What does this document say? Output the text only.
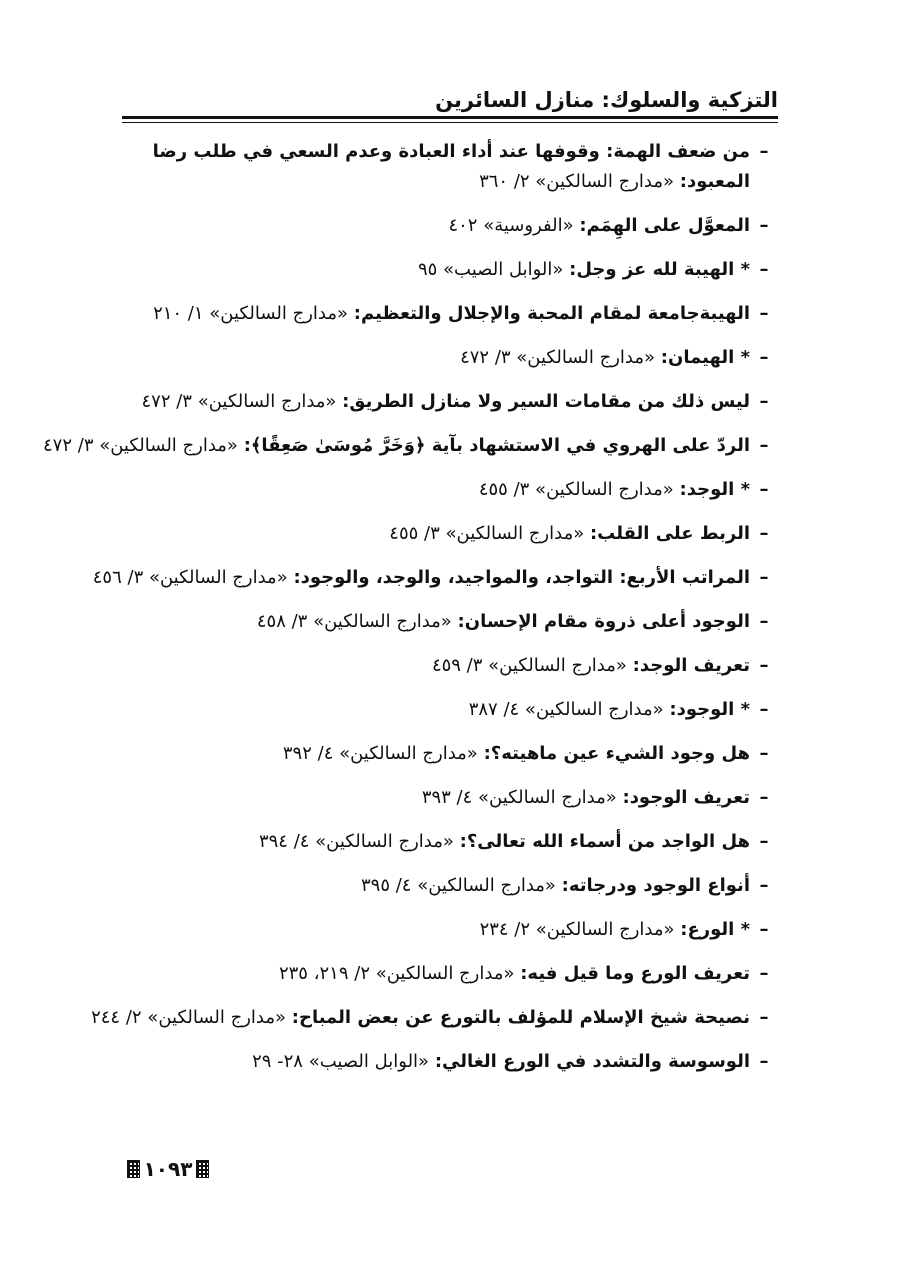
التزكية والسلوك: منازل السائرين
–
من ضعف الهمة: وقوفها عند أداء العبادة وعدم السعي في طلب رضا المعبود: «مدارج السالكين» ٢/ ٣٦٠
–
المعوَّل على الهِمَم: «الفروسية» ٤٠٢
–
* الهيبة لله عز وجل: «الوابل الصيب» ٩٥
–
الهيبةجامعة لمقام المحبة والإجلال والتعظيم: «مدارج السالكين» ١/ ٢١٠
–
* الهيمان: «مدارج السالكين» ٣/ ٤٧٢
–
ليس ذلك من مقامات السير ولا منازل الطريق: «مدارج السالكين» ٣/ ٤٧٢
–
الردّ على الهروي في الاستشهاد بآية ﴿وَخَرَّ مُوسَىٰ صَعِقًا﴾: «مدارج السالكين» ٣/ ٤٧٢
–
* الوجد: «مدارج السالكين» ٣/ ٤٥٥
–
الربط على القلب: «مدارج السالكين» ٣/ ٤٥٥
–
المراتب الأربع: التواجد، والمواجيد، والوجد، والوجود: «مدارج السالكين» ٣/ ٤٥٦
–
الوجود أعلى ذروة مقام الإحسان: «مدارج السالكين» ٣/ ٤٥٨
–
تعريف الوجد: «مدارج السالكين» ٣/ ٤٥٩
–
* الوجود: «مدارج السالكين» ٤/ ٣٨٧
–
هل وجود الشيء عين ماهيته؟: «مدارج السالكين» ٤/ ٣٩٢
–
تعريف الوجود: «مدارج السالكين» ٤/ ٣٩٣
–
هل الواجد من أسماء الله تعالى؟: «مدارج السالكين» ٤/ ٣٩٤
–
أنواع الوجود ودرجاته: «مدارج السالكين» ٤/ ٣٩٥
–
* الورع: «مدارج السالكين» ٢/ ٢٣٤
–
تعريف الورع وما قيل فيه: «مدارج السالكين» ٢/ ٢١٩، ٢٣٥
–
نصيحة شيخ الإسلام للمؤلف بالتورع عن بعض المباح: «مدارج السالكين» ٢/ ٢٤٤
–
الوسوسة والتشدد في الورع الغالي: «الوابل الصيب» ٢٨- ٢٩
١٠٩٣
